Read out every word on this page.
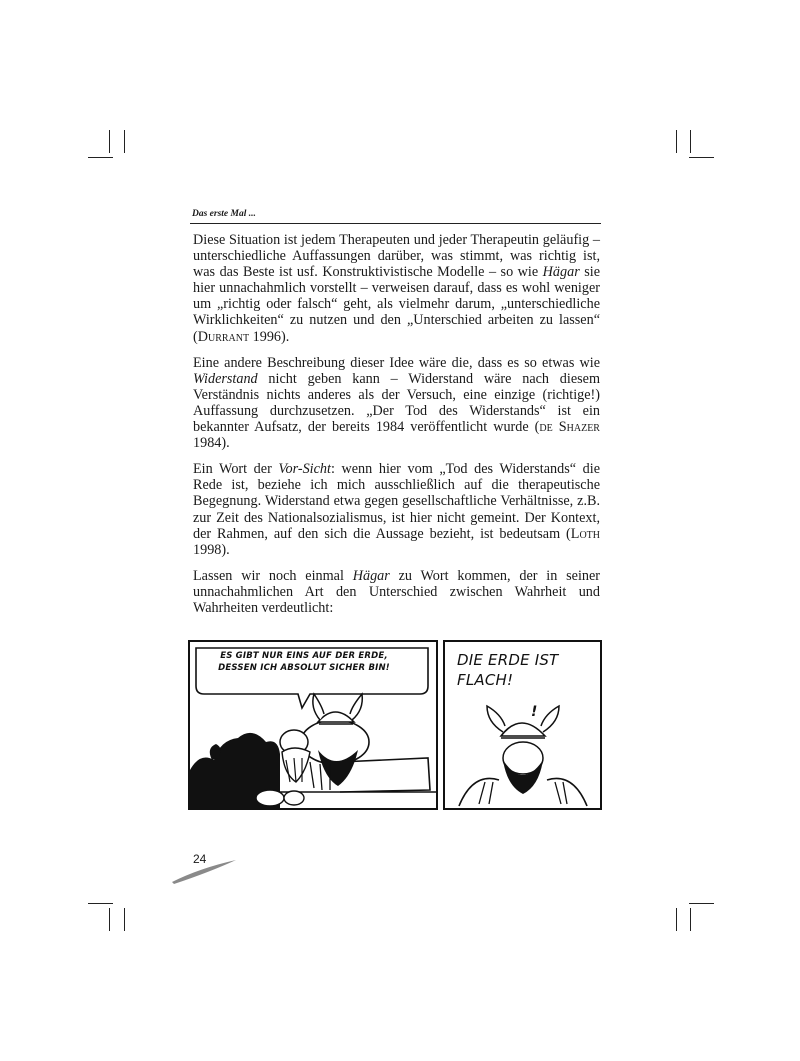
Das erste Mal ...

Diese Situation ist jedem Therapeuten und jeder Therapeutin geläufig – unterschiedliche Auffassungen darüber, was stimmt, was richtig ist, was das Beste ist usf. Konstruktivistische Modelle – so wie Hägar sie hier unnachahmlich vorstellt – verweisen darauf, dass es wohl weniger um „richtig oder falsch“ geht, als vielmehr darum, „unterschiedliche Wirklichkeiten“ zu nutzen und den „Unterschied arbeiten zu lassen“ (Durrant 1996).

Eine andere Beschreibung dieser Idee wäre die, dass es so etwas wie Widerstand nicht geben kann – Widerstand wäre nach diesem Verständnis nichts anderes als der Versuch, eine einzige (richtige!) Auffassung durchzusetzen. „Der Tod des Widerstands“ ist ein bekannter Aufsatz, der bereits 1984 veröffentlicht wurde (de Shazer 1984).

Ein Wort der Vor-Sicht: wenn hier vom „Tod des Widerstands“ die Rede ist, beziehe ich mich ausschließlich auf die therapeutische Begegnung. Widerstand etwa gegen gesellschaftliche Verhältnisse, z.B. zur Zeit des Nationalsozialismus, ist hier nicht gemeint. Der Kontext, der Rahmen, auf den sich die Aussage bezieht, ist bedeutsam (Loth 1998).

Lassen wir noch einmal Hägar zu Wort kommen, der in seiner unnachahmlichen Art den Unterschied zwischen Wahrheit und Wahrheiten verdeutlicht:

ES GIBT NUR EINS AUF DER ERDE, DESSEN ICH ABSOLUT SICHER BIN!	DIE ERDE IST FLACH!
!
24
